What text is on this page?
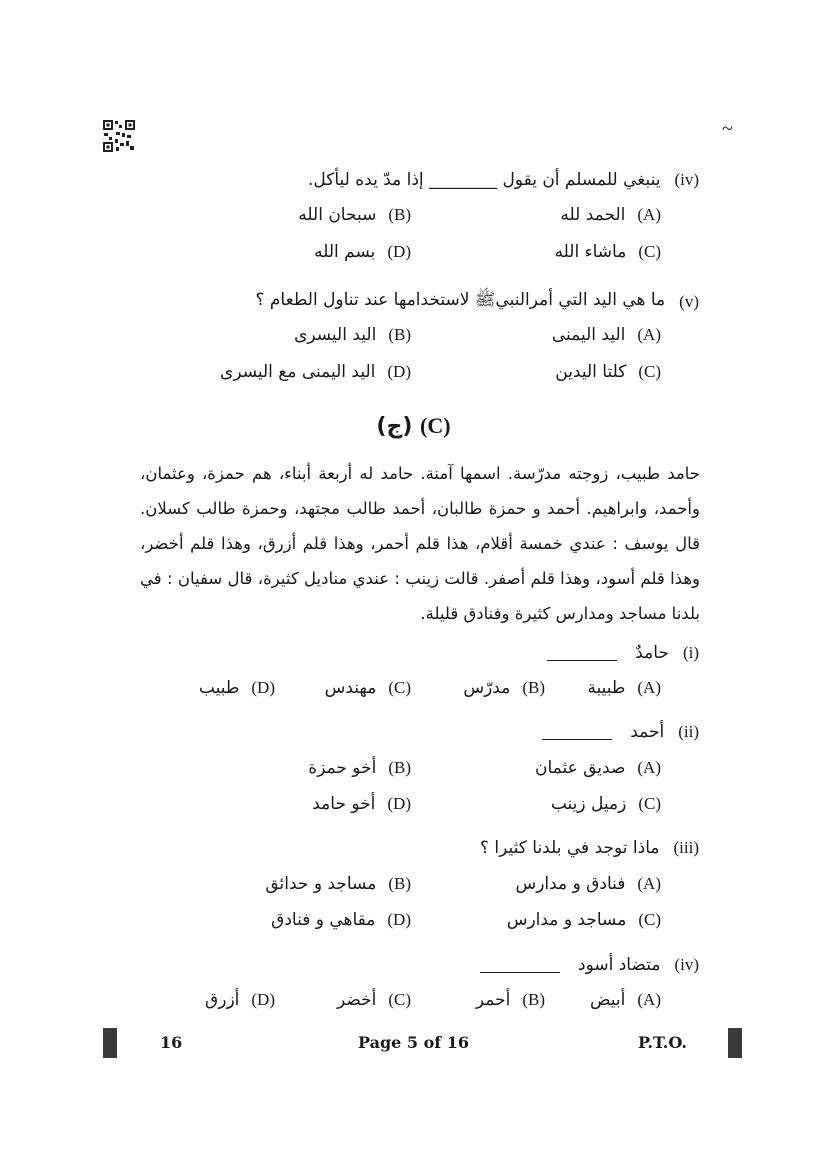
~
(iv)
ينبغي للمسلم أن يقول ________ إذا مدّ يده ليأكل.
(A)
الحمد لله
(B)
سبحان الله
(C)
ماشاء الله
(D)
بسم الله
(v)
ما هي اليد التي أمرالنبيﷺ لاستخدامها عند تناول الطعام ؟
(A)
اليد اليمنى
(B)
اليد اليسرى
(C)
كلتا اليدين
(D)
اليد اليمنى مع اليسرى
(ج) (C)
حامد طبيب، زوجته مدرّسة. اسمها آمنة. حامد له أربعة أبناء، هم حمزة، وعثمان، وأحمد، وابراهيم. أحمد و حمزة طالبان، أحمد طالب مجتهد، وحمزة طالب كسلان. قال يوسف : عندي خمسة أقلام، هذا قلم أحمر، وهذا قلم أزرق، وهذا قلم أخضر، وهذا قلم أسود، وهذا قلم أصفر. قالت زينب : عندي مناديل كثيرة، قال سفيان : في بلدنا مساجد ومدارس كثيرة وفنادق قليلة.
(i)
حامدٌ
(A)
طبيبة
(B)
مدرّس
(C)
مهندس
(D)
طبيب
(ii)
أحمد
(A)
صديق عثمان
(B)
أخو حمزة
(C)
زميل زينب
(D)
أخو حامد
(iii)
ماذا توجد في بلدنا كثيرا ؟
(A)
فنادق و مدارس
(B)
مساجد و حدائق
(C)
مساجد و مدارس
(D)
مقاهي و فنادق
(iv)
متضاد أسود
(A)
أبيض
(B)
أحمر
(C)
أخضر
(D)
أزرق
16	Page 5 of 16	P.T.O.
